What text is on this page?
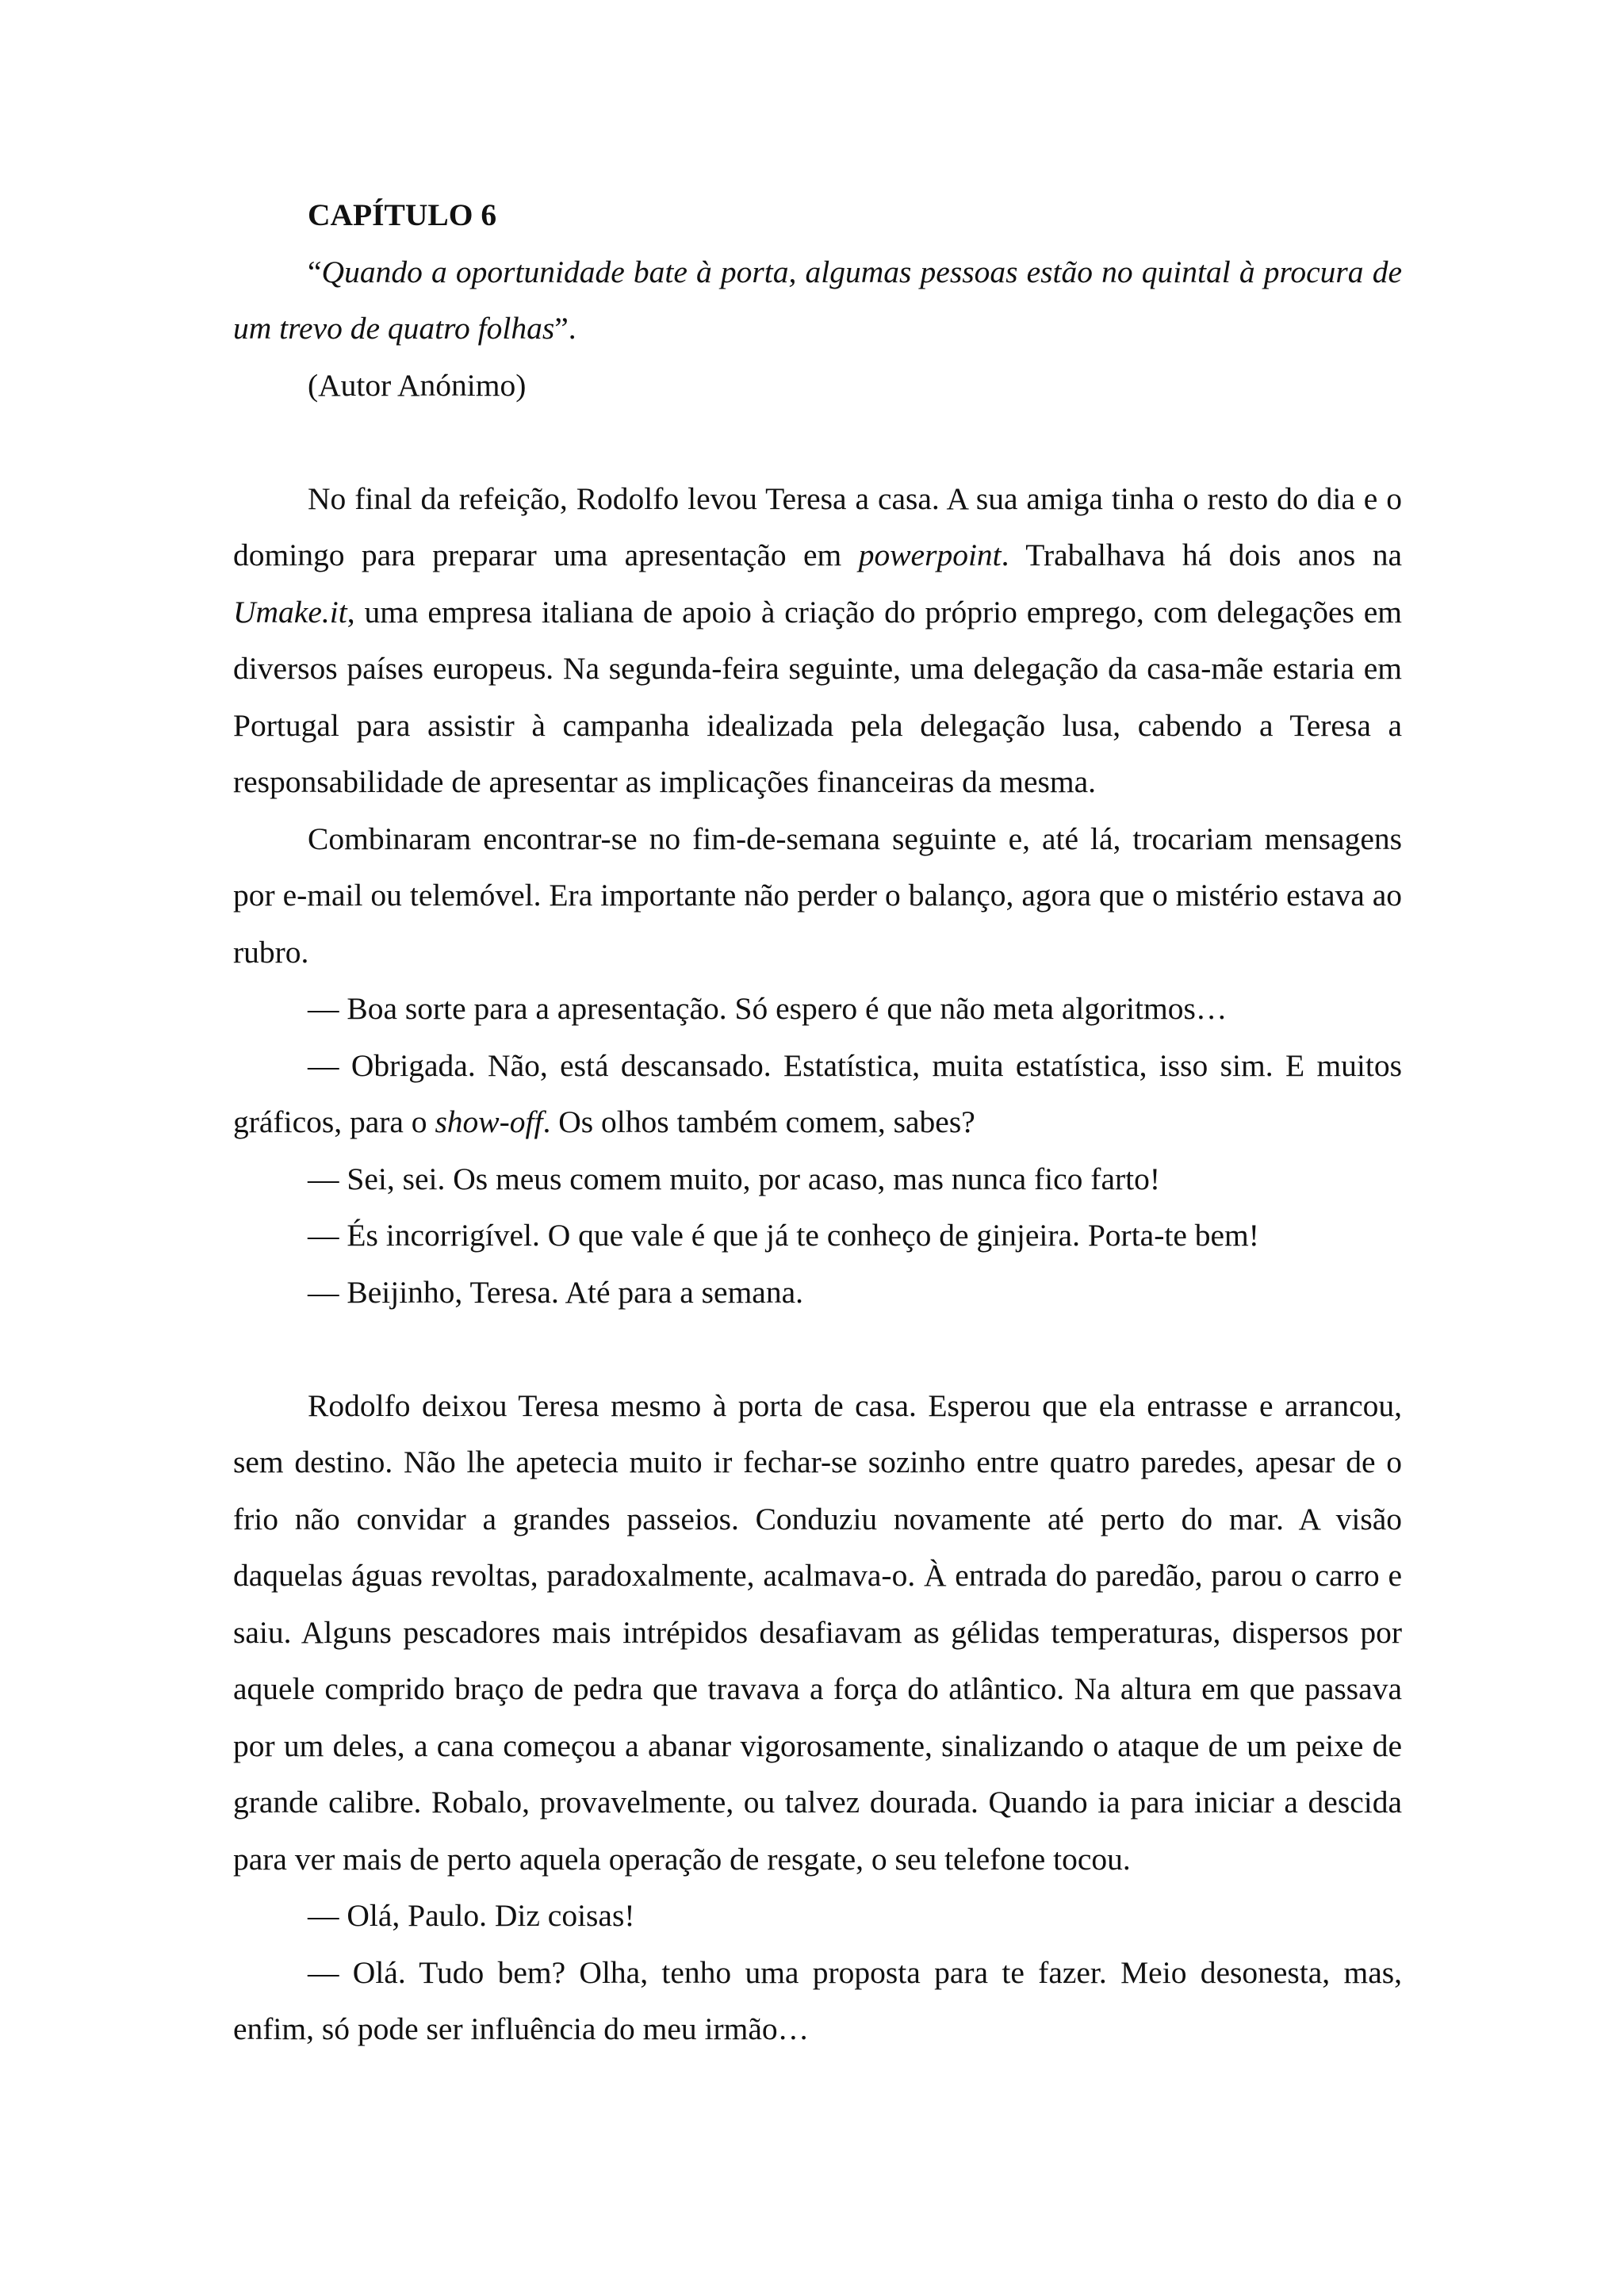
CAPÍTULO 6

“Quando a oportunidade bate à porta, algumas pessoas estão no quintal à procura de um trevo de quatro folhas”.

(Autor Anónimo)

No final da refeição, Rodolfo levou Teresa a casa. A sua amiga tinha o resto do dia e o domingo para preparar uma apresentação em powerpoint. Trabalhava há dois anos na Umake.it, uma empresa italiana de apoio à criação do próprio emprego, com delegações em diversos países europeus. Na segunda-feira seguinte, uma delegação da casa-mãe estaria em Portugal para assistir à campanha idealizada pela delegação lusa, cabendo a Teresa a responsabilidade de apresentar as implicações financeiras da mesma.

Combinaram encontrar-se no fim-de-semana seguinte e, até lá, trocariam mensagens por e-mail ou telemóvel. Era importante não perder o balanço, agora que o mistério estava ao rubro.

— Boa sorte para a apresentação. Só espero é que não meta algoritmos…

— Obrigada. Não, está descansado. Estatística, muita estatística, isso sim. E muitos gráficos, para o show-off. Os olhos também comem, sabes?

— Sei, sei. Os meus comem muito, por acaso, mas nunca fico farto!

— És incorrigível. O que vale é que já te conheço de ginjeira. Porta-te bem!

— Beijinho, Teresa. Até para a semana.

Rodolfo deixou Teresa mesmo à porta de casa. Esperou que ela entrasse e arrancou, sem destino. Não lhe apetecia muito ir fechar-se sozinho entre quatro paredes, apesar de o frio não convidar a grandes passeios. Conduziu novamente até perto do mar. A visão daquelas águas revoltas, paradoxalmente, acalmava-o. À entrada do paredão, parou o carro e saiu. Alguns pescadores mais intrépidos desafiavam as gélidas temperaturas, dispersos por aquele comprido braço de pedra que travava a força do atlântico. Na altura em que passava por um deles, a cana começou a abanar vigorosamente, sinalizando o ataque de um peixe de grande calibre. Robalo, provavelmente, ou talvez dourada. Quando ia para iniciar a descida para ver mais de perto aquela operação de resgate, o seu telefone tocou.

— Olá, Paulo. Diz coisas!

— Olá. Tudo bem? Olha, tenho uma proposta para te fazer. Meio desonesta, mas, enfim, só pode ser influência do meu irmão…
